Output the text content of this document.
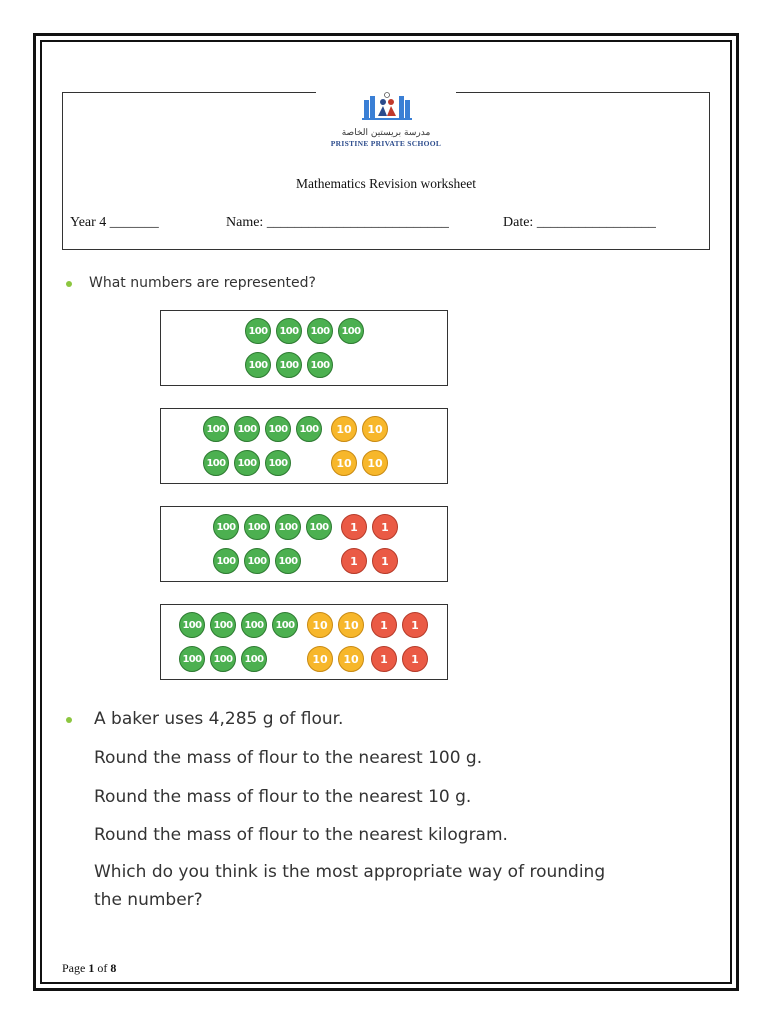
مدرسة بريستين الخاصة
PRISTINE PRIVATE SCHOOL
Mathematics Revision worksheet
Year 4 _______	Name: __________________________	Date: _________________
What numbers are represented?
100	100	100	100
100	100	100
100	100	100	100
100	100	100
10	10
10	10
100	100	100	100
100	100	100
1	1
1	1
100	100	100	100
100	100	100
10	10
10	10
1	1
1	1
A baker uses 4,285 g of flour.
Round the mass of flour to the nearest 100 g.
Round the mass of flour to the nearest 10 g.
Round the mass of flour to the nearest kilogram.
Which do you think is the most appropriate way of rounding
the number?
Page 1 of 8
